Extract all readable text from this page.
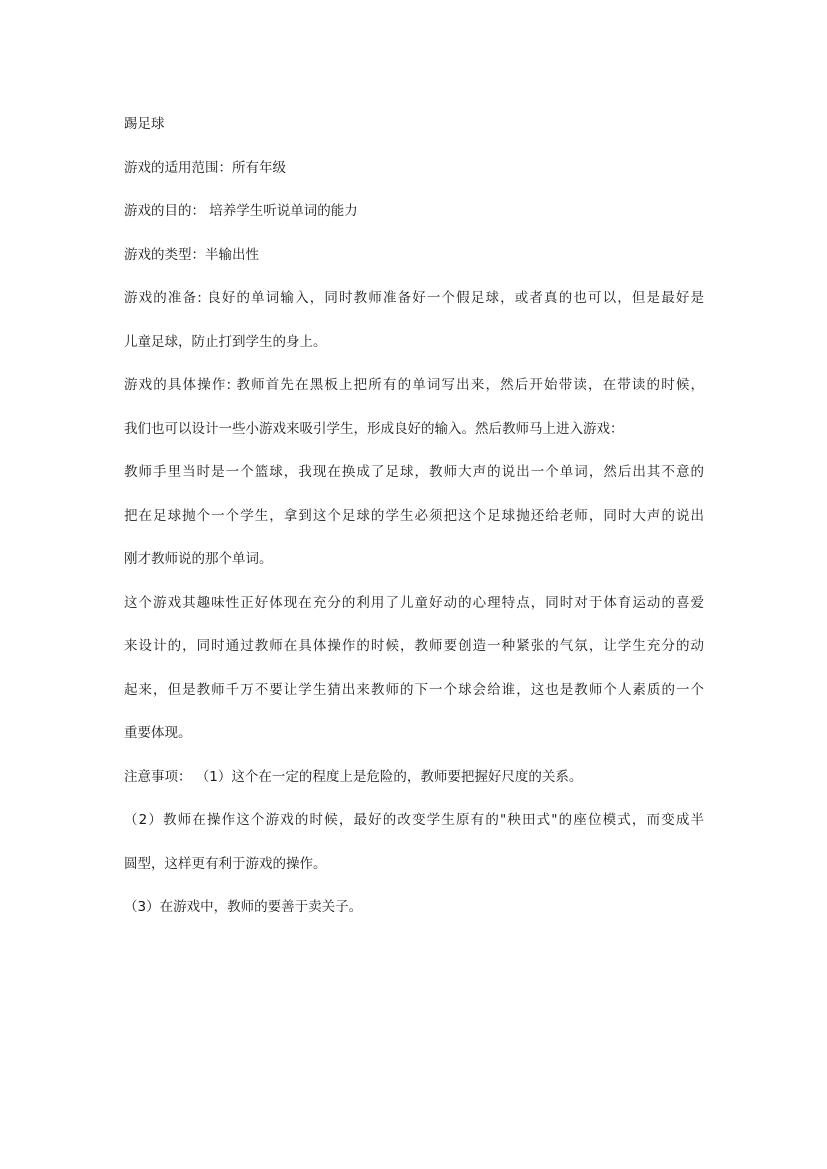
踢足球
游戏的适用范围：所有年级
游戏的目的： 培养学生听说单词的能力
游戏的类型：半输出性
游戏的准备: 良好的单词输入，同时教师准备好一个假足球，或者真的也可以，但是最好是
儿童足球，防止打到学生的身上。
游戏的具体操作: 教师首先在黑板上把所有的单词写出来，然后开始带读，在带读的时候，
我们也可以设计一些小游戏来吸引学生，形成良好的输入。然后教师马上进入游戏：
教师手里当时是一个篮球，我现在换成了足球，教师大声的说出一个单词，然后出其不意的
把在足球抛个一个学生，拿到这个足球的学生必须把这个足球抛还给老师，同时大声的说出
刚才教师说的那个单词。
这个游戏其趣味性正好体现在充分的利用了儿童好动的心理特点，同时对于体育运动的喜爱
来设计的，同时通过教师在具体操作的时候，教师要创造一种紧张的气氛，让学生充分的动
起来，但是教师千万不要让学生猜出来教师的下一个球会给谁，这也是教师个人素质的一个
重要体现。
注意事项： （1）这个在一定的程度上是危险的，教师要把握好尺度的关系。
（2）教师在操作这个游戏的时候，最好的改变学生原有的"秧田式"的座位模式，而变成半
圆型，这样更有利于游戏的操作。
（3）在游戏中，教师的要善于卖关子。
